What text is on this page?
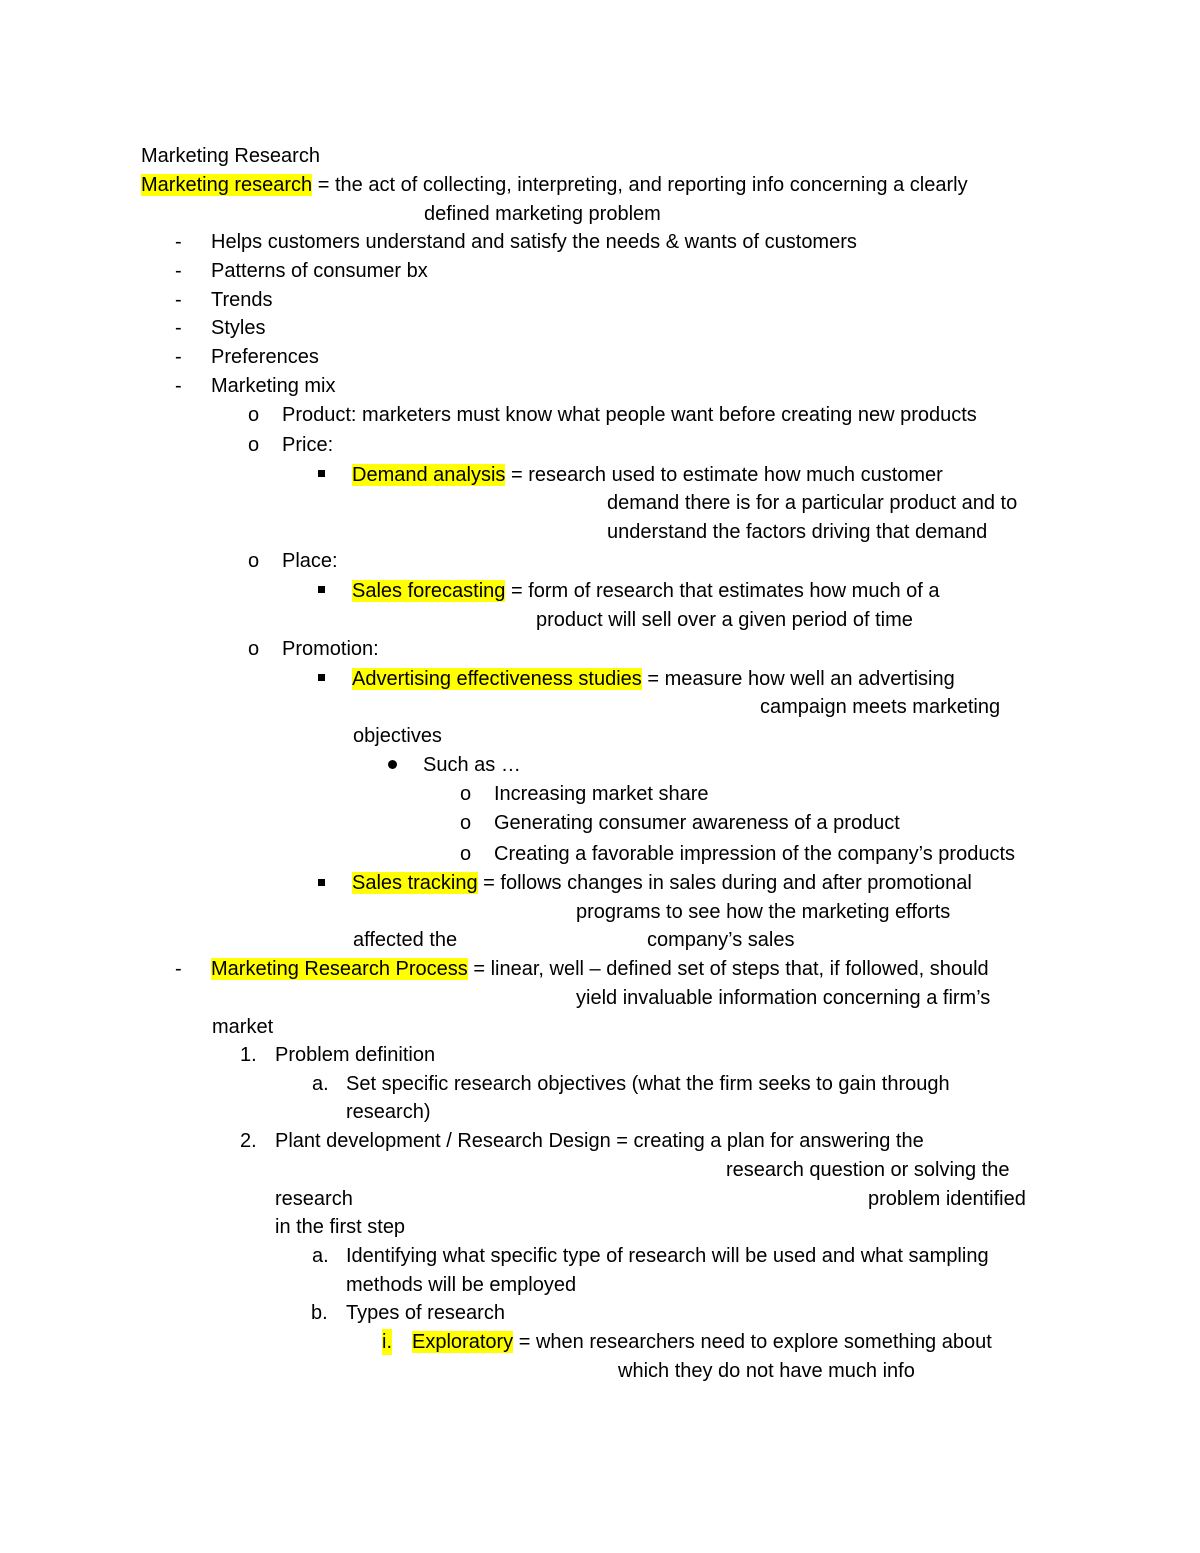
Marketing Research
Marketing research = the act of collecting, interpreting, and reporting info concerning a clearly
defined marketing problem
- Helps customers understand and satisfy the needs & wants of customers
- Patterns of consumer bx
- Trends
- Styles
- Preferences
- Marketing mix
o Product: marketers must know what people want before creating new products
o Price:
Demand analysis = research used to estimate how much customer
demand there is for a particular product and to
understand the factors driving that demand
o Place:
Sales forecasting = form of research that estimates how much of a
product will sell over a given period of time
o Promotion:
Advertising effectiveness studies = measure how well an advertising
campaign meets marketing
objectives
Such as …
o Increasing market share
o Generating consumer awareness of a product
o Creating a favorable impression of the company’s products
Sales tracking = follows changes in sales during and after promotional
programs to see how the marketing efforts
affected the	company’s sales
- Marketing Research Process = linear, well – defined set of steps that, if followed, should
yield invaluable information concerning a firm’s
market
1. Problem definition
a. Set specific research objectives (what the firm seeks to gain through
research)
2. Plant development / Research Design = creating a plan for answering the
research question or solving the
research	problem identified
in the first step
a. Identifying what specific type of research will be used and what sampling
methods will be employed
b. Types of research
i. Exploratory = when researchers need to explore something about
which they do not have much info
